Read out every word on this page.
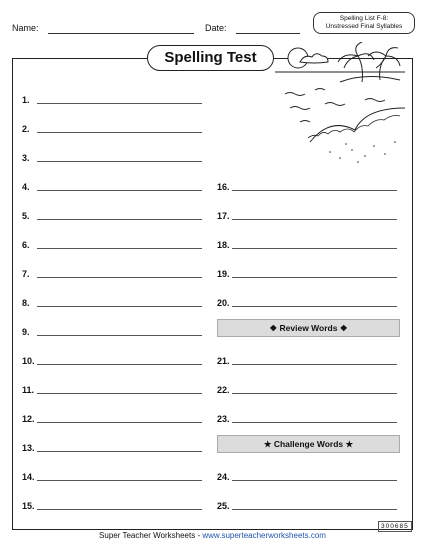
Name:	Date:
Spelling List F-8:
Unstressed Final Syllables
Spelling Test
1.
2.
3.
4.
5.
6.
7.
8.
9.
10.
11.
12.
13.
14.
15.
16.
17.
18.
19.
20.
21.
22.
23.
24.
25.
❖ Review Words ❖
★ Challenge Words ★
Super Teacher Worksheets - www.superteacherworksheets.com
300685
